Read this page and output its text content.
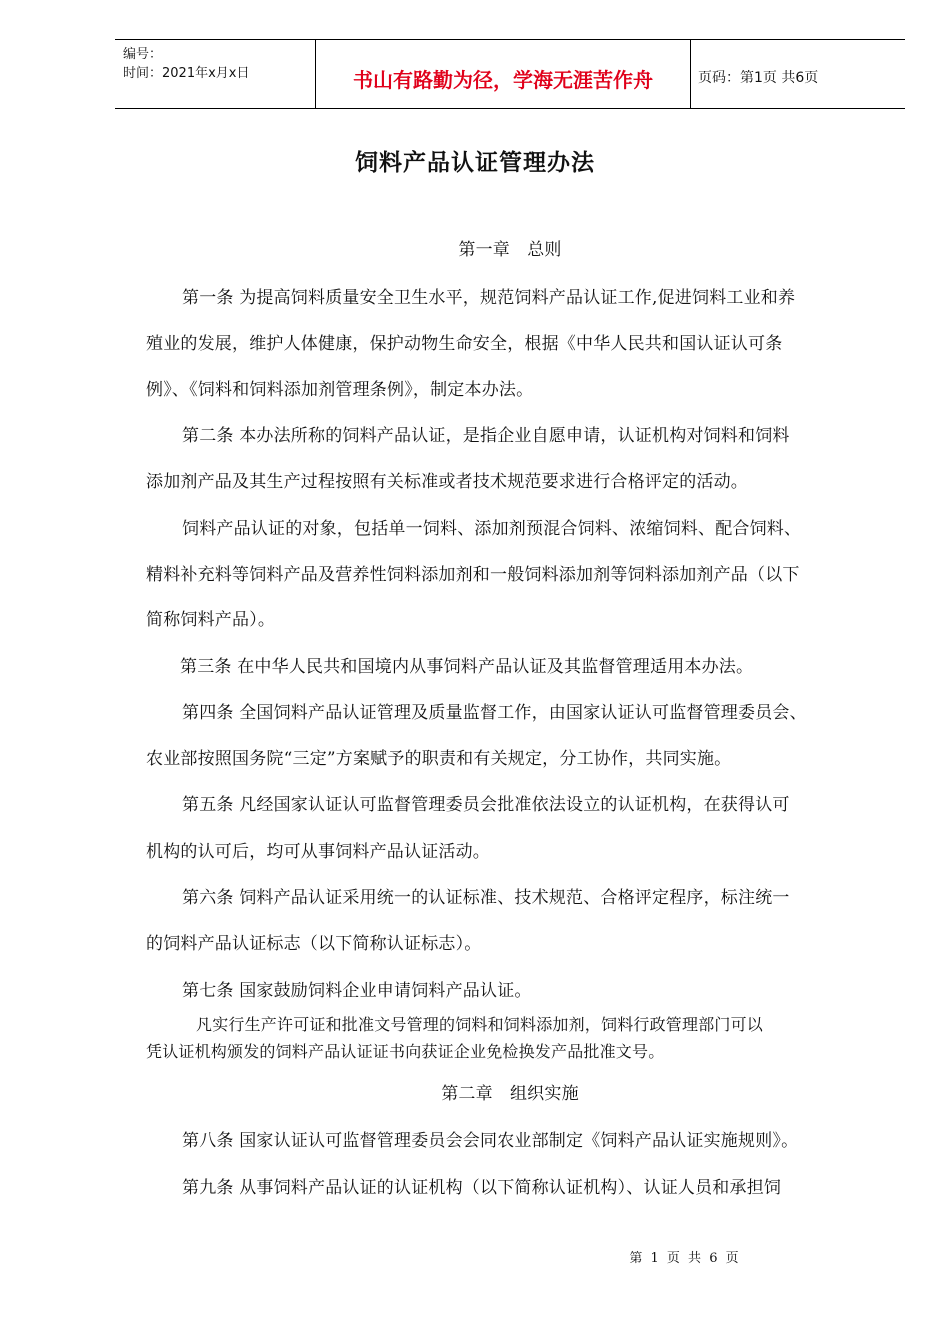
编号：
时间：2021年x月x日	书山有路勤为径，学海无涯苦作舟	页码：第1页 共6页
饲料产品认证管理办法
第一章　总则
第一条 为提高饲料质量安全卫生水平，规范饲料产品认证工作,促进饲料工业和养
殖业的发展，维护人体健康，保护动物生命安全，根据《中华人民共和国认证认可条
例》、《饲料和饲料添加剂管理条例》，制定本办法。
第二条 本办法所称的饲料产品认证，是指企业自愿申请，认证机构对饲料和饲料
添加剂产品及其生产过程按照有关标准或者技术规范要求进行合格评定的活动。
饲料产品认证的对象，包括单一饲料、添加剂预混合饲料、浓缩饲料、配合饲料、
精料补充料等饲料产品及营养性饲料添加剂和一般饲料添加剂等饲料添加剂产品（以下
简称饲料产品）。
第三条 在中华人民共和国境内从事饲料产品认证及其监督管理适用本办法。
第四条 全国饲料产品认证管理及质量监督工作，由国家认证认可监督管理委员会、
农业部按照国务院“三定”方案赋予的职责和有关规定，分工协作，共同实施。
第五条 凡经国家认证认可监督管理委员会批准依法设立的认证机构，在获得认可
机构的认可后，均可从事饲料产品认证活动。
第六条 饲料产品认证采用统一的认证标准、技术规范、合格评定程序，标注统一
的饲料产品认证标志（以下简称认证标志）。
第七条 国家鼓励饲料企业申请饲料产品认证。
凡实行生产许可证和批准文号管理的饲料和饲料添加剂，饲料行政管理部门可以
凭认证机构颁发的饲料产品认证证书向获证企业免检换发产品批准文号。
第二章　组织实施
第八条 国家认证认可监督管理委员会会同农业部制定《饲料产品认证实施规则》。
第九条 从事饲料产品认证的认证机构（以下简称认证机构）、认证人员和承担饲
第 1 页 共 6 页
